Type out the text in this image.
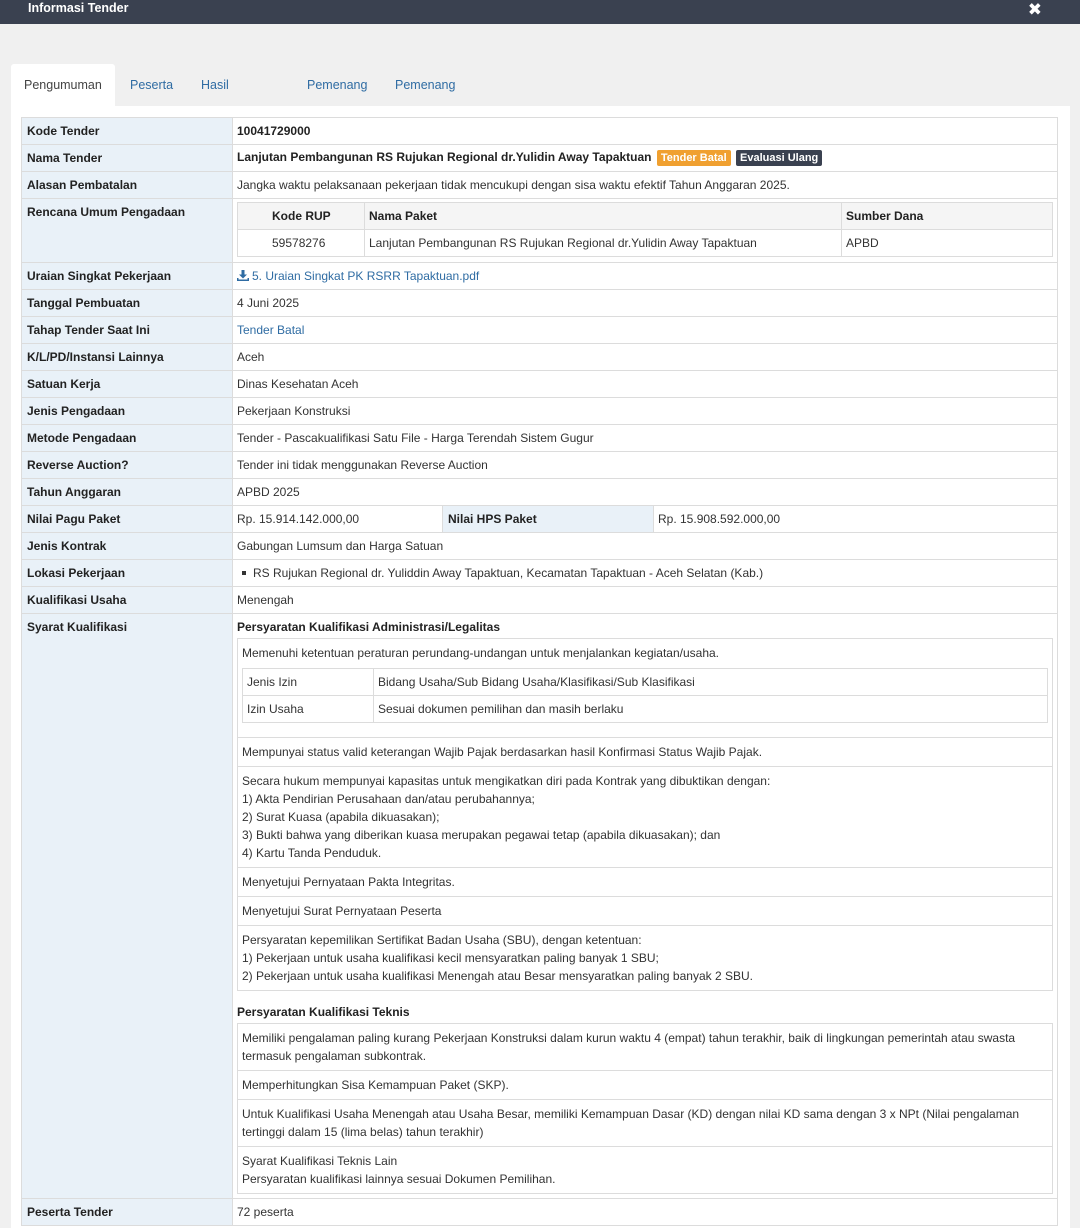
Informasi Tender	✖
Pengumuman	Peserta	Hasil	Pemenang	Pemenang
Kode Tender	10041729000
Nama Tender	Lanjutan Pembangunan RS Rujukan Regional dr.Yulidin Away Tapaktuan Tender Batal Evaluasi Ulang
Alasan Pembatalan	Jangka waktu pelaksanaan pekerjaan tidak mencukupi dengan sisa waktu efektif Tahun Anggaran 2025.
Rencana Umum Pengadaan		Kode RUP	Nama Paket	Sumber Dana
59578276	Lanjutan Pembangunan RS Rujukan Regional dr.Yulidin Away Tapaktuan	APBD

Uraian Singkat Pekerjaan	5. Uraian Singkat PK RSRR Tapaktuan.pdf
Tanggal Pembuatan	4 Juni 2025
Tahap Tender Saat Ini	Tender Batal
K/L/PD/Instansi Lainnya	Aceh
Satuan Kerja	Dinas Kesehatan Aceh
Jenis Pengadaan	Pekerjaan Konstruksi
Metode Pengadaan	Tender - Pascakualifikasi Satu File - Harga Terendah Sistem Gugur
Reverse Auction?	Tender ini tidak menggunakan Reverse Auction
Tahun Anggaran	APBD 2025
Nilai Pagu Paket	Rp. 15.914.142.000,00	Nilai HPS Paket	Rp. 15.908.592.000,00
Jenis Kontrak	Gabungan Lumsum dan Harga Satuan
Lokasi Pekerjaan	RS Rujukan Regional dr. Yuliddin Away Tapaktuan, Kecamatan Tapaktuan - Aceh Selatan (Kab.)
Kualifikasi Usaha	Menengah
Syarat Kualifikasi	Persyaratan Kualifikasi Administrasi/Legalitas
Memenuhi ketentuan peraturan perundang-undangan untuk menjalankan kegiatan/usaha.
Jenis Izin	Bidang Usaha/Sub Bidang Usaha/Klasifikasi/Sub Klasifikasi
Izin Usaha	Sesuai dokumen pemilihan dan masih berlaku

Mempunyai status valid keterangan Wajib Pajak berdasarkan hasil Konfirmasi Status Wajib Pajak.
Secara hukum mempunyai kapasitas untuk mengikatkan diri pada Kontrak yang dibuktikan dengan:
1) Akta Pendirian Perusahaan dan/atau perubahannya;
2) Surat Kuasa (apabila dikuasakan);
3) Bukti bahwa yang diberikan kuasa merupakan pegawai tetap (apabila dikuasakan); dan
4) Kartu Tanda Penduduk.
Menyetujui Pernyataan Pakta Integritas.
Menyetujui Surat Pernyataan Peserta
Persyaratan kepemilikan Sertifikat Badan Usaha (SBU), dengan ketentuan:
1) Pekerjaan untuk usaha kualifikasi kecil mensyaratkan paling banyak 1 SBU;
2) Pekerjaan untuk usaha kualifikasi Menengah atau Besar mensyaratkan paling banyak 2 SBU.
Persyaratan Kualifikasi Teknis
Memiliki pengalaman paling kurang Pekerjaan Konstruksi dalam kurun waktu 4 (empat) tahun terakhir, baik di lingkungan pemerintah atau swasta termasuk pengalaman subkontrak.
Memperhitungkan Sisa Kemampuan Paket (SKP).
Untuk Kualifikasi Usaha Menengah atau Usaha Besar, memiliki Kemampuan Dasar (KD) dengan nilai KD sama dengan 3 x NPt (Nilai pengalaman tertinggi dalam 15 (lima belas) tahun terakhir)
Syarat Kualifikasi Teknis Lain
Persyaratan kualifikasi lainnya sesuai Dokumen Pemilihan.

Peserta Tender	72 peserta
